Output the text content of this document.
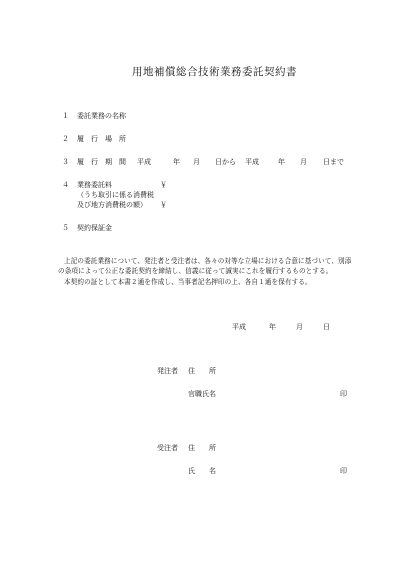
用地補償総合技術業務委託契約書
１ 委託業務の名称
２ 履　行　場　所
３ 履　行　期　間 平成	年 月 日から 平成	年 月 日まで
４ 業務委託料	￥
（うち取引に係る消費税
及び地方消費税の額） ￥
５ 契約保証金
上記の委託業務について、発注者と受注者は、各々の対等な立場における合意に基づいて、別添
の条項によって公正な委託契約を締結し、信義に従って誠実にこれを履行するものとする。
本契約の証として本書２通を作成し、当事者記名押印の上、各自１通を保有する。
平成	年	月	日
発注者 住　　所
官職氏名	印
受注者 住　　所
氏　　名	印
